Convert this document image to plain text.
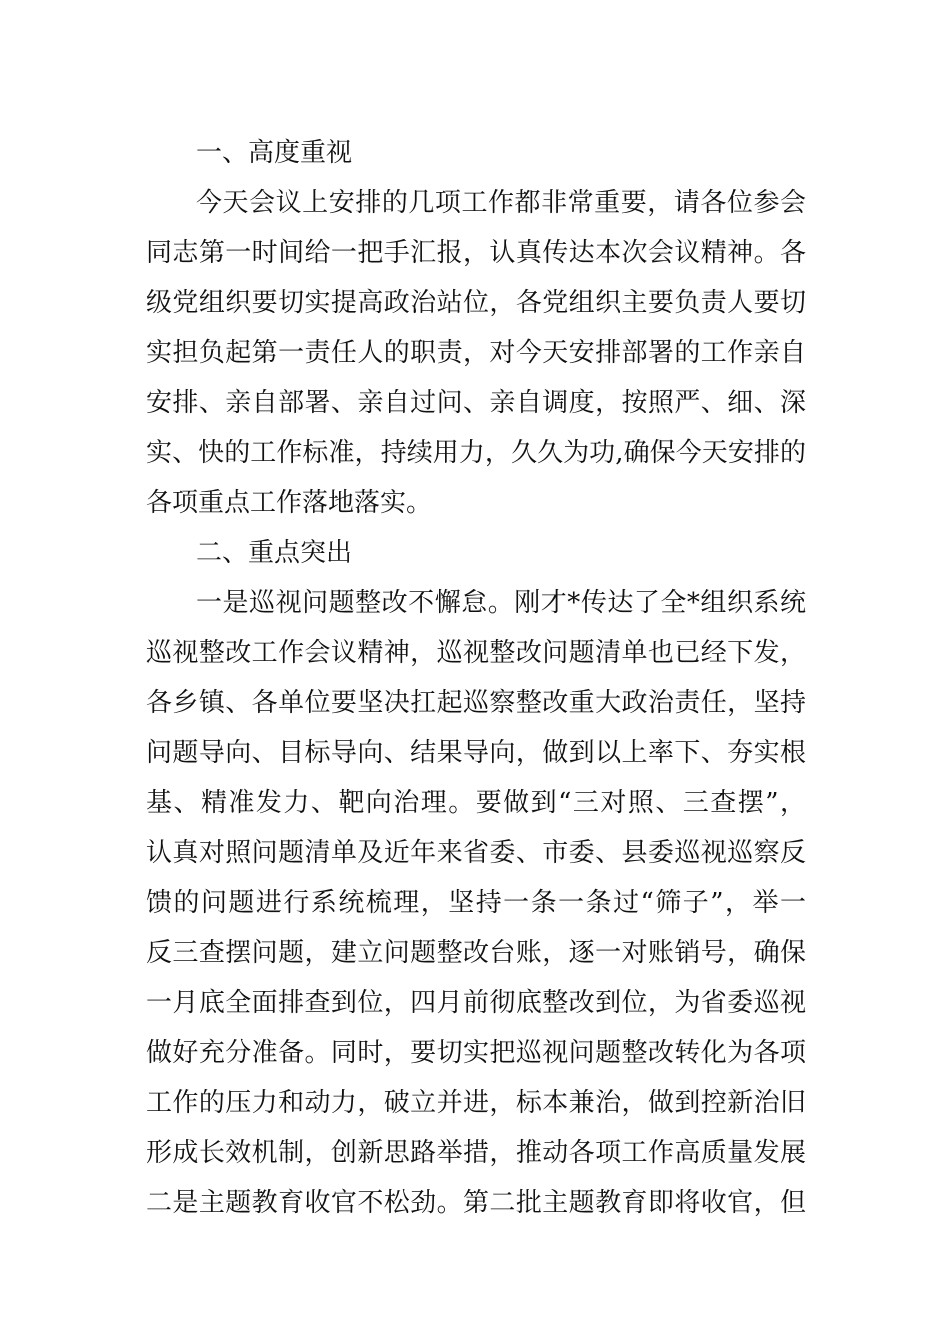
一、高度重视
今天会议上安排的几项工作都非常重要，请各位参会
同志第一时间给一把手汇报，认真传达本次会议精神。各
级党组织要切实提高政治站位，各党组织主要负责人要切
实担负起第一责任人的职责，对今天安排部署的工作亲自
安排、亲自部署、亲自过问、亲自调度，按照严、细、深
实、快的工作标准，持续用力，久久为功,确保今天安排的
各项重点工作落地落实。
二、重点突出
一是巡视问题整改不懈怠。刚才*传达了全*组织系统
巡视整改工作会议精神，巡视整改问题清单也已经下发，
各乡镇、各单位要坚决扛起巡察整改重大政治责任，坚持
问题导向、目标导向、结果导向，做到以上率下、夯实根
基、精准发力、靶向治理。要做到“三对照、三查摆”，
认真对照问题清单及近年来省委、市委、县委巡视巡察反
馈的问题进行系统梳理，坚持一条一条过“筛子”，举一
反三查摆问题，建立问题整改台账，逐一对账销号，确保
一月底全面排查到位，四月前彻底整改到位，为省委巡视
做好充分准备。同时，要切实把巡视问题整改转化为各项
工作的压力和动力，破立并进，标本兼治，做到控新治旧
形成长效机制，创新思路举措，推动各项工作高质量发展
二是主题教育收官不松劲。第二批主题教育即将收官，但
